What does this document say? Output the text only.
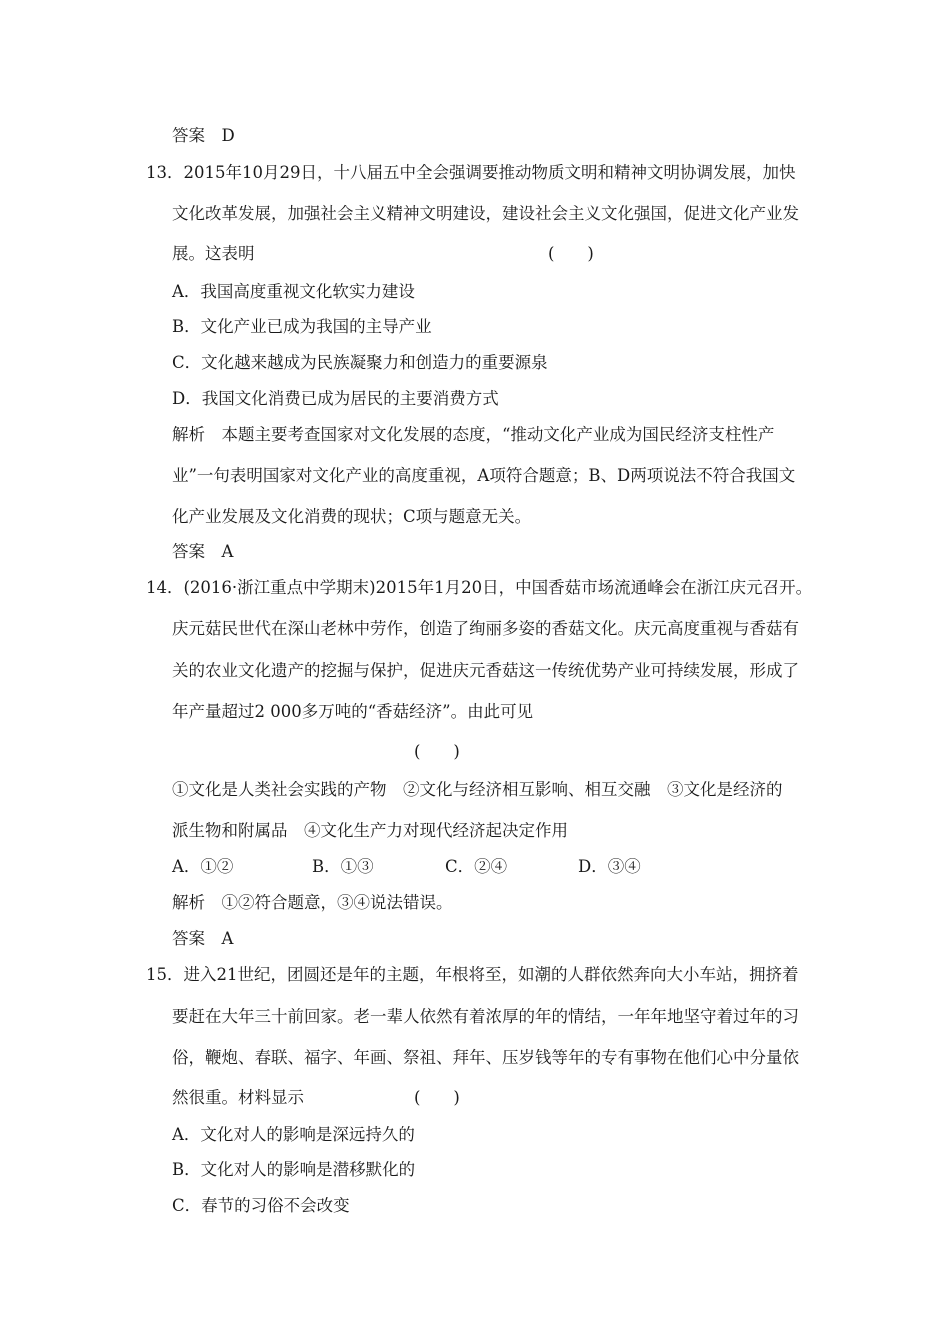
答案　D
13．2015年10月29日，十八届五中全会强调要推动物质文明和精神文明协调发展，加快
文化改革发展，加强社会主义精神文明建设，建设社会主义文化强国，促进文化产业发
展。这表明	(　　)
A．我国高度重视文化软实力建设
B．文化产业已成为我国的主导产业
C．文化越来越成为民族凝聚力和创造力的重要源泉
D．我国文化消费已成为居民的主要消费方式
解析　本题主要考查国家对文化发展的态度，“推动文化产业成为国民经济支柱性产
业”一句表明国家对文化产业的高度重视，A项符合题意；B、D两项说法不符合我国文
化产业发展及文化消费的现状；C项与题意无关。
答案　A
14．(2016·浙江重点中学期末)2015年1月20日，中国香菇市场流通峰会在浙江庆元召开。
庆元菇民世代在深山老林中劳作，创造了绚丽多姿的香菇文化。庆元高度重视与香菇有
关的农业文化遗产的挖掘与保护，促进庆元香菇这一传统优势产业可持续发展，形成了
年产量超过2 000多万吨的“香菇经济”。由此可见
(　　)
①文化是人类社会实践的产物　②文化与经济相互影响、相互交融　③文化是经济的
派生物和附属品　④文化生产力对现代经济起决定作用
A．①②	B．①③	C．②④	D．③④
解析　①②符合题意，③④说法错误。
答案　A
15．进入21世纪，团圆还是年的主题，年根将至，如潮的人群依然奔向大小车站，拥挤着
要赶在大年三十前回家。老一辈人依然有着浓厚的年的情结，一年年地坚守着过年的习
俗，鞭炮、春联、福字、年画、祭祖、拜年、压岁钱等年的专有事物在他们心中分量依
然很重。材料显示	(　　)
A．文化对人的影响是深远持久的
B．文化对人的影响是潜移默化的
C．春节的习俗不会改变
